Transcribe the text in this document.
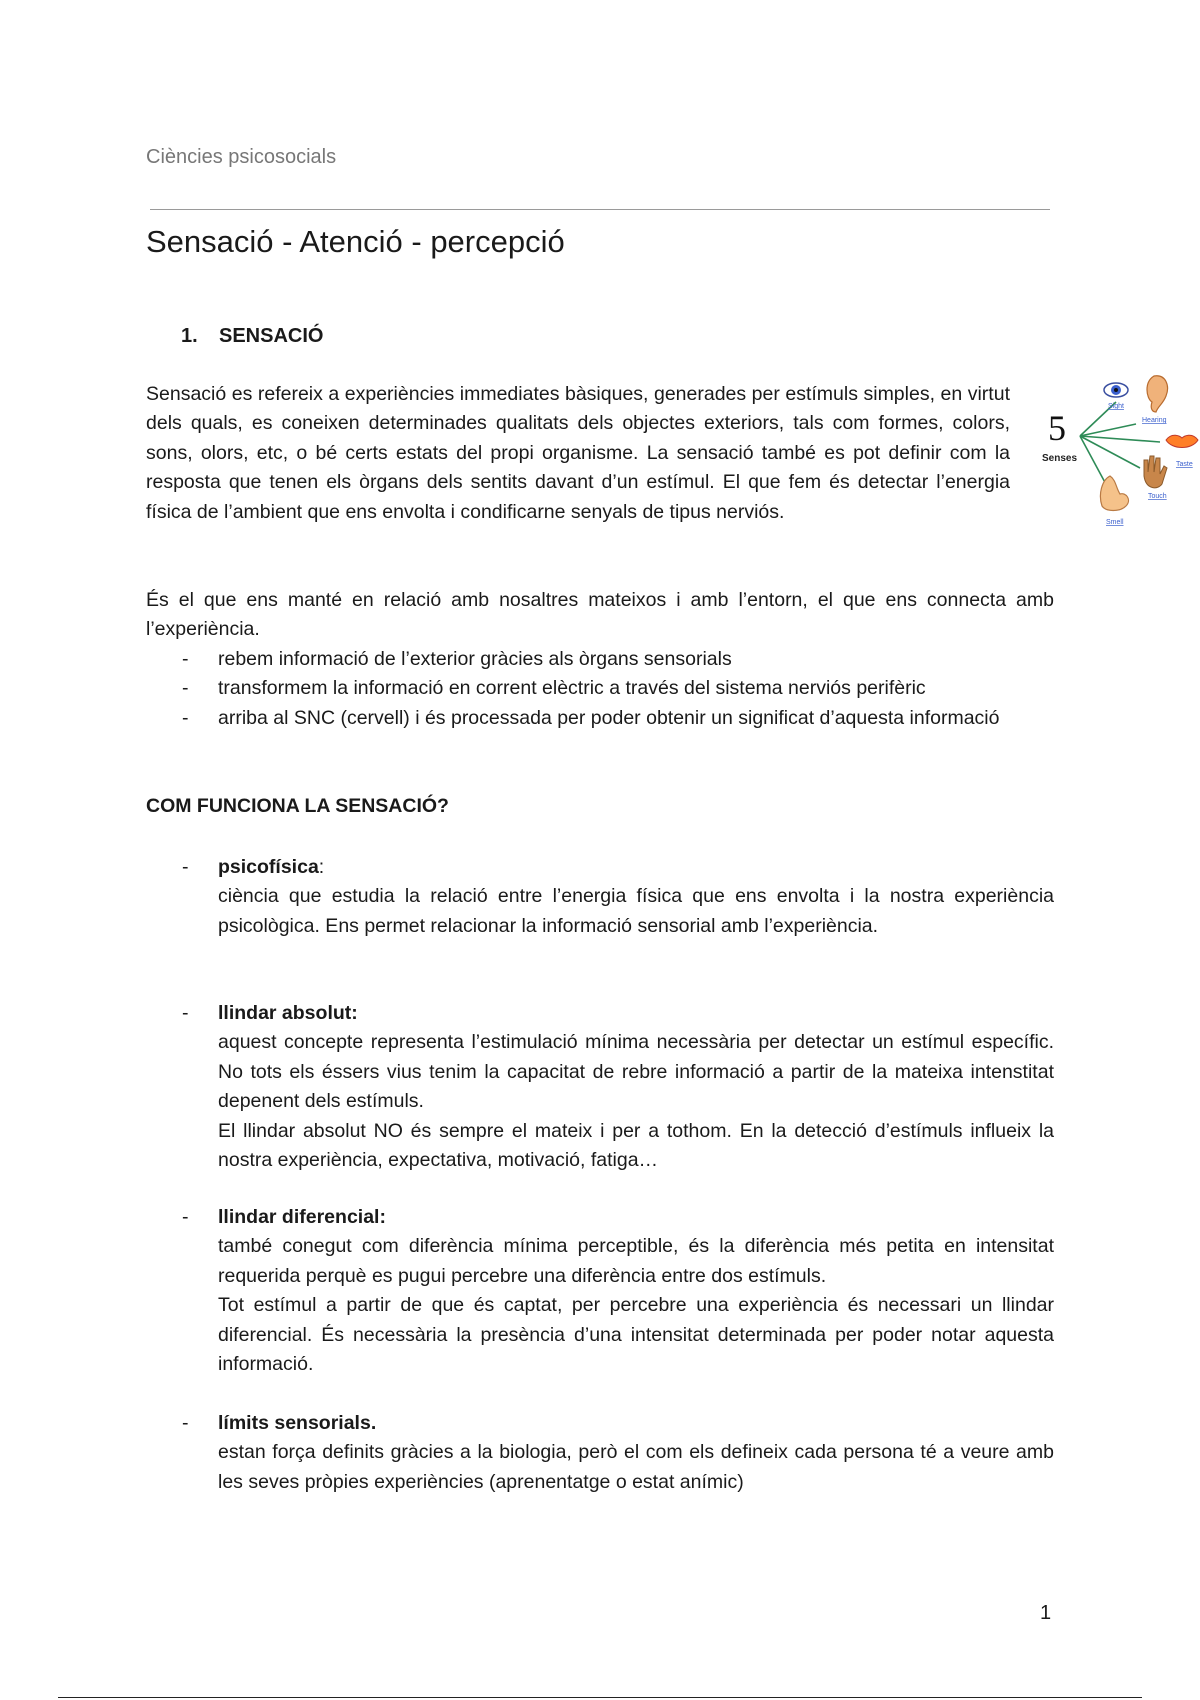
Ciències psicosocials
Sensació - Atenció - percepció
1. SENSACIÓ

Sensació es refereix a experiències immediates bàsiques, generades per estímuls simples, en virtut dels quals, es coneixen determinades qualitats dels objectes exteriors, tals com formes, colors, sons, olors, etc, o bé certs estats del propi organisme. La sensació també es pot definir com la resposta que tenen els òrgans dels sentits davant d’un estímul. El que fem és detectar l’energia física de l’ambient que ens envolta i condificarne senyals de tipus nerviós.

5
Senses
Sight
Hearing
Taste
Touch
Smell

És el que ens manté en relació amb nosaltres mateixos i amb l’entorn, el que ens connecta amb l’experiència.

- rebem informació de l’exterior gràcies als òrgans sensorials
- transformem la informació en corrent elèctric a través del sistema nerviós perifèric
- arriba al SNC (cervell) i és processada per poder obtenir un significat d’aquesta informació
COM FUNCIONA LA SENSACIÓ?
- psicofísica:

ciència que estudia la relació entre l’energia física que ens envolta i la nostra experiència psicològica. Ens permet relacionar la informació sensorial amb l’experiència.

- llindar absolut:

aquest concepte representa l’estimulació mínima necessària per detectar un estímul específic. No tots els éssers vius tenim la capacitat de rebre informació a partir de la mateixa intenstitat depenent dels estímuls.

El llindar absolut NO és sempre el mateix i per a tothom. En la detecció d’estímuls influeix la nostra experiència, expectativa, motivació, fatiga…

- llindar diferencial:

també conegut com diferència mínima perceptible, és la diferència més petita en intensitat requerida perquè es pugui percebre una diferència entre dos estímuls.

Tot estímul a partir de que és captat, per percebre una experiència és necessari un llindar diferencial. És necessària la presència d’una intensitat determinada per poder notar aquesta informació.

- límits sensorials.

estan força definits gràcies a la biologia, però el com els defineix cada persona té a veure amb les seves pròpies experiències (aprenentatge o estat anímic)

1
